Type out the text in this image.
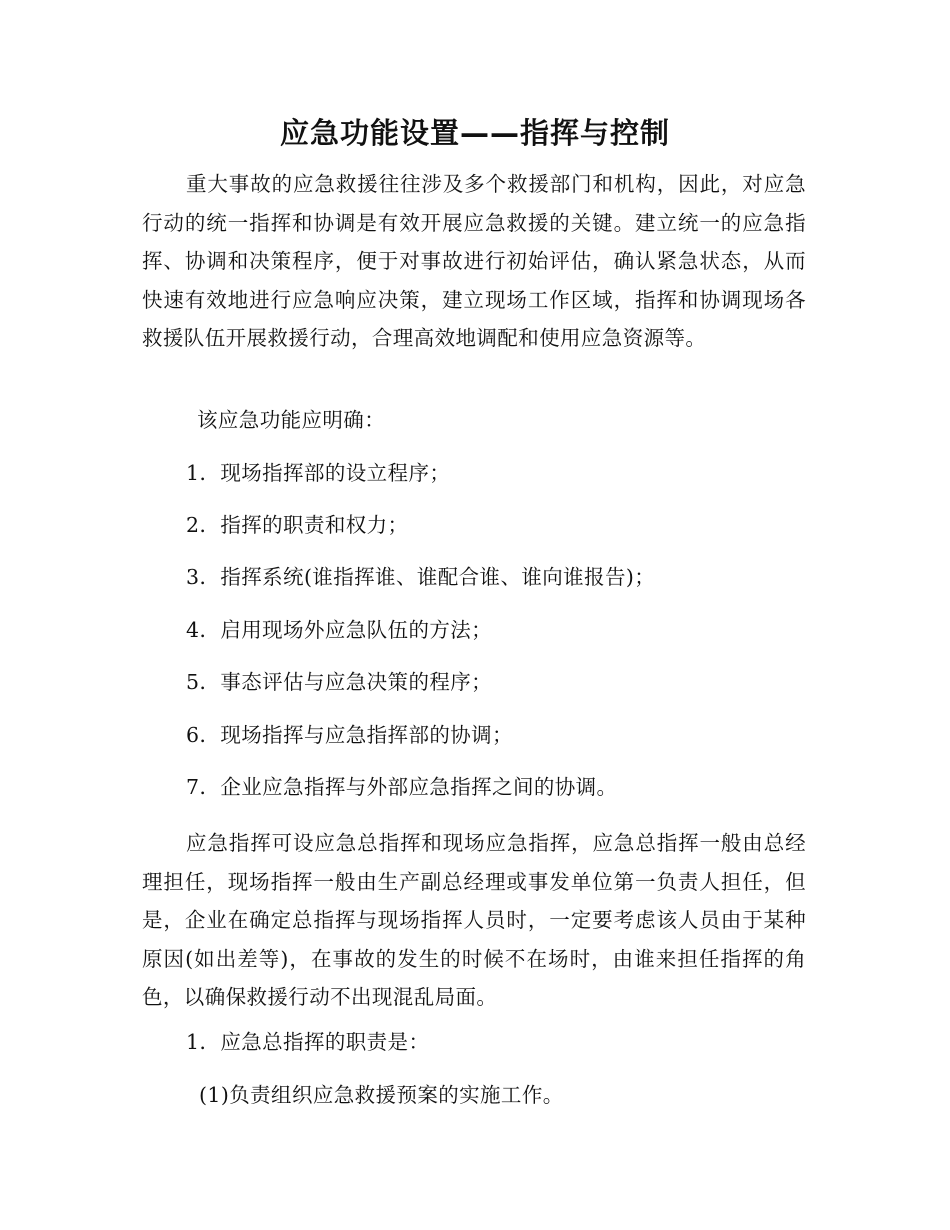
应急功能设置——指挥与控制

重大事故的应急救援往往涉及多个救援部门和机构，因此，对应急行动的统一指挥和协调是有效开展应急救援的关键。建立统一的应急指挥、协调和决策程序，便于对事故进行初始评估，确认紧急状态，从而快速有效地进行应急响应决策，建立现场工作区域，指挥和协调现场各救援队伍开展救援行动，合理高效地调配和使用应急资源等。

该应急功能应明确：
1．现场指挥部的设立程序；
2．指挥的职责和权力；
3．指挥系统(谁指挥谁、谁配合谁、谁向谁报告)；
4．启用现场外应急队伍的方法；
5．事态评估与应急决策的程序；
6．现场指挥与应急指挥部的协调；
7．企业应急指挥与外部应急指挥之间的协调。

应急指挥可设应急总指挥和现场应急指挥，应急总指挥一般由总经理担任，现场指挥一般由生产副总经理或事发单位第一负责人担任，但是，企业在确定总指挥与现场指挥人员时，一定要考虑该人员由于某种原因(如出差等)，在事故的发生的时候不在场时，由谁来担任指挥的角色，以确保救援行动不出现混乱局面。

1．应急总指挥的职责是：
(1)负责组织应急救援预案的实施工作。
